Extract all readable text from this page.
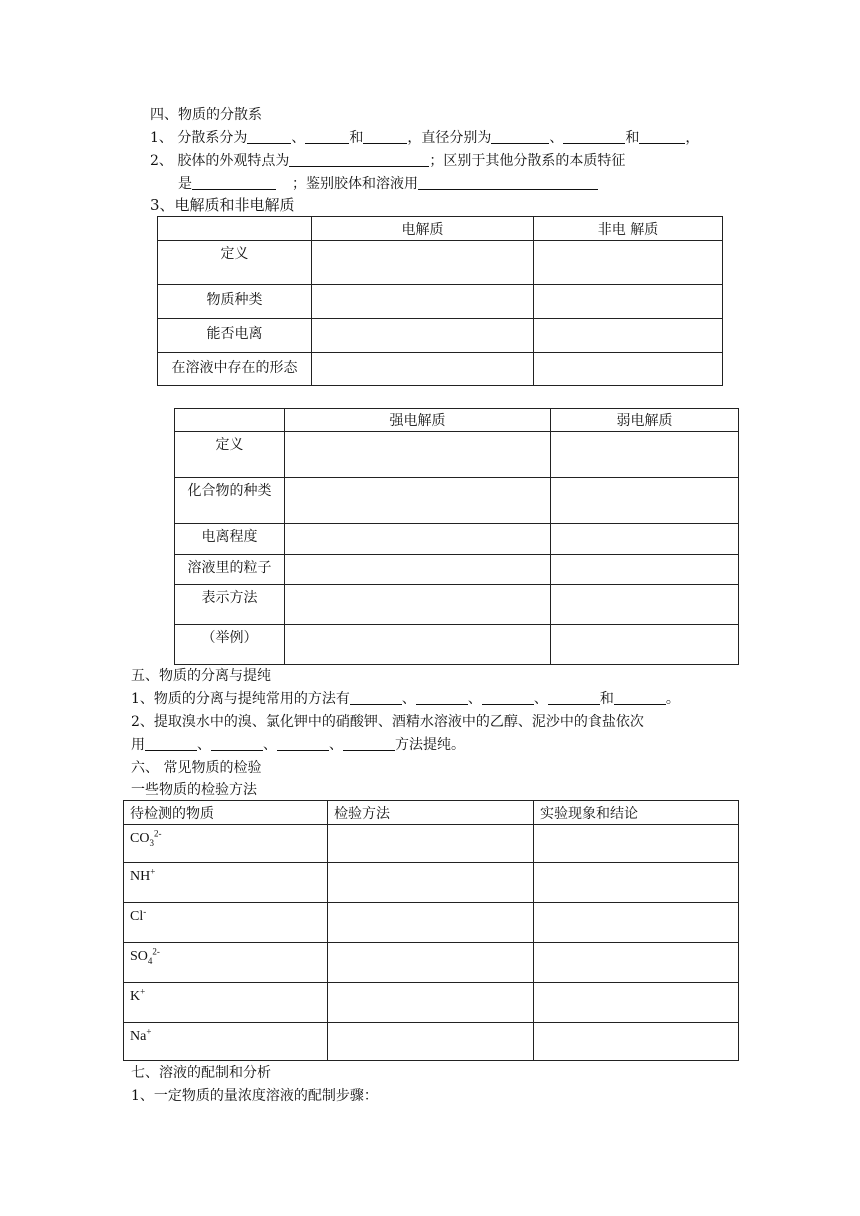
四、物质的分散系
1、 分散系分为	、	和	，直径分别为	、	和	，
2、 胶体的外观特点为	；区别于其他分散系的本质特征
是	；鉴别胶体和溶液用
3、电解质和非电解质
	电解质	非电 解质
定义		
物质种类		
能否电离		
在溶液中存在的形态		
	强电解质	弱电解质
定义		
化合物的种类		
电离程度		
溶液里的粒子		
表示方法		
（举例）		
五、物质的分离与提纯
1、物质的分离与提纯常用的方法有	、	、	、	和	。
2、提取溴水中的溴、氯化钾中的硝酸钾、酒精水溶液中的乙醇、泥沙中的食盐依次
用	、	、	、	方法提纯。
六、 常见物质的检验
一些物质的检验方法
待检测的物质	检验方法	实验现象和结论
$CO_3^{2-}$		
NH+		
Cl-		
$SO_4^{2-}$		
K+		
Na+		
七、溶液的配制和分析
1、一定物质的量浓度溶液的配制步骤：
